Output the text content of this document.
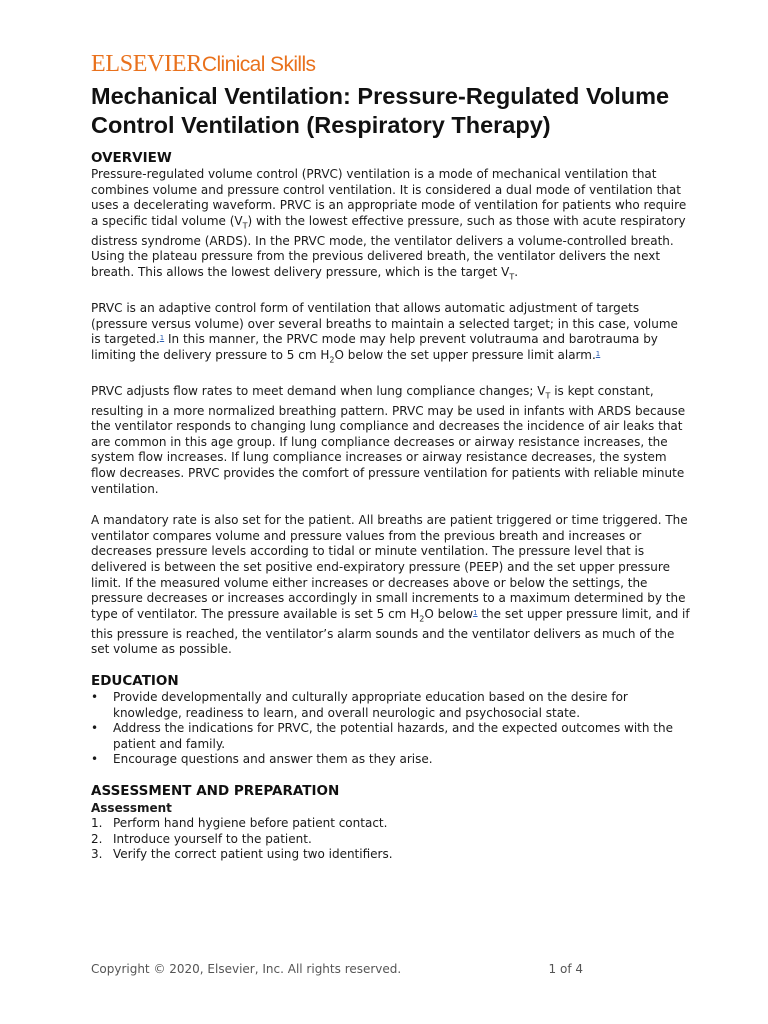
ELSEVIERClinical Skills
Mechanical Ventilation: Pressure-Regulated Volume Control Ventilation (Respiratory Therapy)
OVERVIEW

Pressure-regulated volume control (PRVC) ventilation is a mode of mechanical ventilation that combines volume and pressure control ventilation. It is considered a dual mode of ventilation that uses a decelerating waveform. PRVC is an appropriate mode of ventilation for patients who require a specific tidal volume $(V_T)$ with the lowest effective pressure, such as those with acute respiratory distress syndrome (ARDS). In the PRVC mode, the ventilator delivers a volume-controlled breath. Using the plateau pressure from the previous delivered breath, the ventilator delivers the next breath. This allows the lowest delivery pressure, which is the target $V_T$.

PRVC is an adaptive control form of ventilation that allows automatic adjustment of targets (pressure versus volume) over several breaths to maintain a selected target; in this case, volume is targeted.$^1$ In this manner, the PRVC mode may help prevent volutrauma and barotrauma by limiting the delivery pressure to 5 cm $H_2O$ below the set upper pressure limit alarm.$^1$

PRVC adjusts flow rates to meet demand when lung compliance changes; $V_T$ is kept constant, resulting in a more normalized breathing pattern. PRVC may be used in infants with ARDS because the ventilator responds to changing lung compliance and decreases the incidence of air leaks that are common in this age group. If lung compliance decreases or airway resistance increases, the system flow increases. If lung compliance increases or airway resistance decreases, the system flow decreases. PRVC provides the comfort of pressure ventilation for patients with reliable minute ventilation.

A mandatory rate is also set for the patient. All breaths are patient triggered or time triggered. The ventilator compares volume and pressure values from the previous breath and increases or decreases pressure levels according to tidal or minute ventilation. The pressure level that is delivered is between the set positive end-expiratory pressure (PEEP) and the set upper pressure limit. If the measured volume either increases or decreases above or below the settings, the pressure decreases or increases accordingly in small increments to a maximum determined by the type of ventilator. The pressure available is set 5 cm $H_2O$ below$^1$ the set upper pressure limit, and if this pressure is reached, the ventilator’s alarm sounds and the ventilator delivers as much of the set volume as possible.

EDUCATION
• Provide developmentally and culturally appropriate education based on the desire for knowledge, readiness to learn, and overall neurologic and psychosocial state.
• Address the indications for PRVC, the potential hazards, and the expected outcomes with the patient and family.
• Encourage questions and answer them as they arise.
ASSESSMENT AND PREPARATION
Assessment
1. Perform hand hygiene before patient contact.
2. Introduce yourself to the patient.
3. Verify the correct patient using two identifiers.
Copyright © 2020, Elsevier, Inc. All rights reserved.	1 of 4
